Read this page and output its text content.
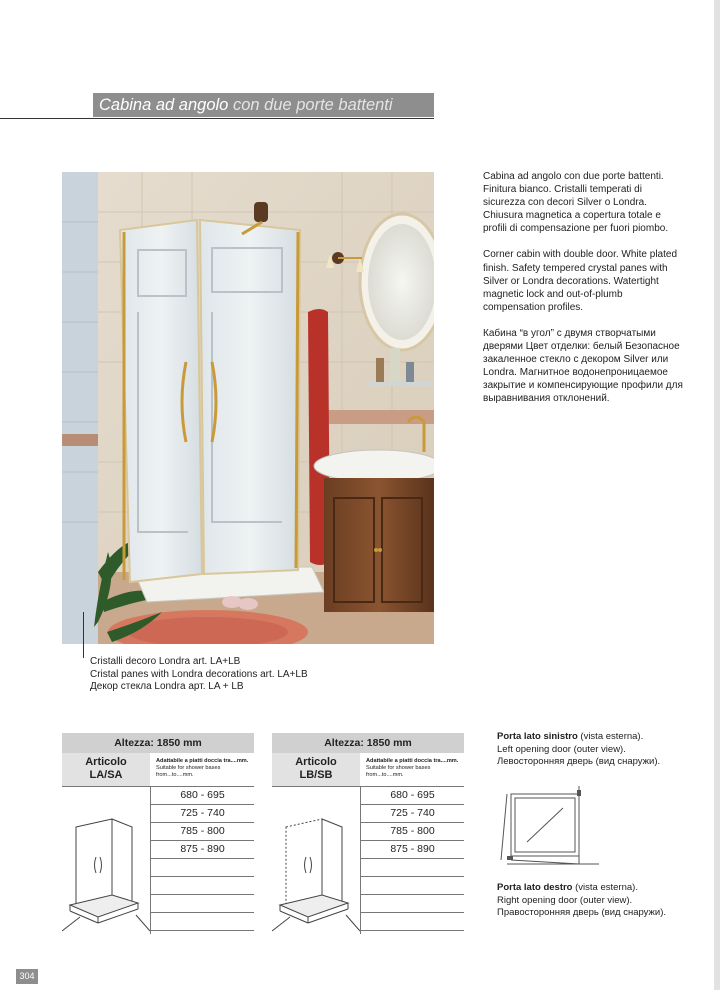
Cabina ad angolo con due porte battenti

Cabina ad angolo con due porte battenti. Finitura bianco. Cristalli temperati di sicurezza con decori Silver o Londra. Chiusura magnetica a copertura totale e profili di compensazione per fuori piombo.

Corner cabin with double door. White plated finish. Safety tempered crystal panes with Silver or Londra decorations. Watertight magnetic lock and out-of-plumb compensation profiles.

Кабина “в угол” с двумя створчатыми дверями Цвет отделки: белый Безопасное закаленное стекло с декором Silver или Londra. Магнитное водонепроницаемое закрытие и компенсирующие профили для выравнивания отклонений.

Cristalli decoro Londra art. LA+LB
Cristal panes with Londra decorations art. LA+LB
Декор стекла Londra арт. LA + LB
Altezza: 1850 mm
Articolo
LA/SA
Adattabile a piatti doccia tra....mm.
Suitable for shower bases from...to....mm.
680 - 695
725 - 740
785 - 800
875 - 890
Altezza: 1850 mm
Articolo
LB/SB
Adattabile a piatti doccia tra....mm.
Suitable for shower bases from...to....mm.
680 - 695
725 - 740
785 - 800
875 - 890
Porta lato sinistro (vista esterna).
Left opening door (outer view).
Левосторонняя дверь (вид снаружи).
Porta lato destro (vista esterna).
Right opening door (outer view).
Правосторонняя дверь (вид снаружи).
304
